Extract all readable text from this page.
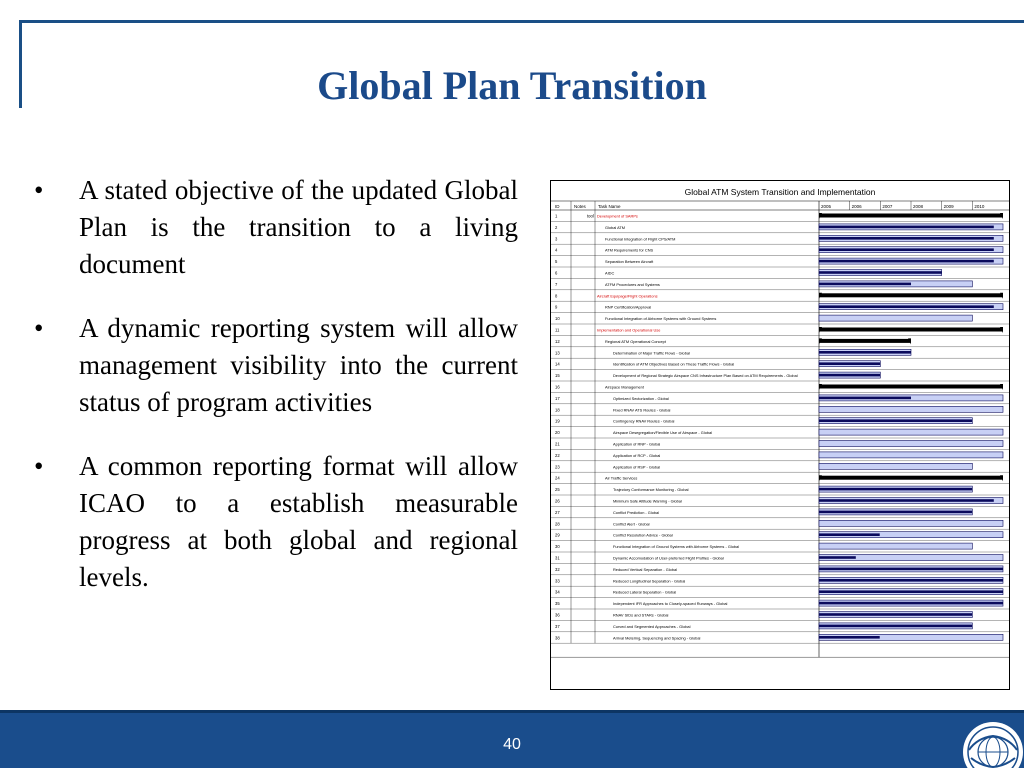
Global Plan Transition
• A stated objective of the updated Global Plan is the transition to a living document
• A dynamic reporting system will allow management visibility into the current status of program activities
• A common reporting format will allow ICAO to a establish measurable progress at both global and regional levels.
Global ATM System Transition and Implementation
ID	Notes	Task Name	2005	2006	2007	2008	2009	2010
1	tool Development of SARPs
2	Global ATM
3	Functional Integration of Flight CPS/ATM
4	ATM Requirements for CNS
5	Separation Between Aircraft
6	AIDC
7	ATFM Procedures and Systems
8	Aircraft Equipage/Flight Operations
9	RNP Certification/Approval
10	Functional Integration of Airborne Systems with Ground Systems
11	Implementation and Operational Use
12	Regional ATM Operational Concept
13	Determination of Major Traffic Flows - Global
14	Identification of ATM Objectives Based on These Traffic Flows - Global
15	Development of Regional Strategic Airspace CNS Infrastructure Plan Based on ATM Requirements - Global
16	Airspace Management
17	Optimized Sectorization - Global
18	Fixed RNAV ATS Routes - Global
19	Contingency RNAV Routes - Global
20	Airspace Desegregation/Flexible Use of Airspace - Global
21	Application of RNP - Global
22	Application of RCP - Global
23	Application of RSP - Global
24	Air Traffic Services
25	Trajectory Conformance Monitoring - Global
26	Minimum Safe Altitude Warning - Global
27	Conflict Prediction - Global
28	Conflict Alert - Global
29	Conflict Resolution Advice - Global
30	Functional Integration of Ground Systems with Airborne Systems - Global
31	Dynamic Accomodation of User-preferred Flight Profiles - Global
32	Reduced Vertical Separation - Global
33	Reduced Longitudinal Separation - Global
34	Reduced Lateral Separation - Global
35	Independent IFR Approaches to Closely-spaced Runways - Global
36	RNAV SIDs and STARs - Global
37	Curved and Segmented Approaches - Global
38	Arrival Metering, Sequencing and Spacing - Global
40
